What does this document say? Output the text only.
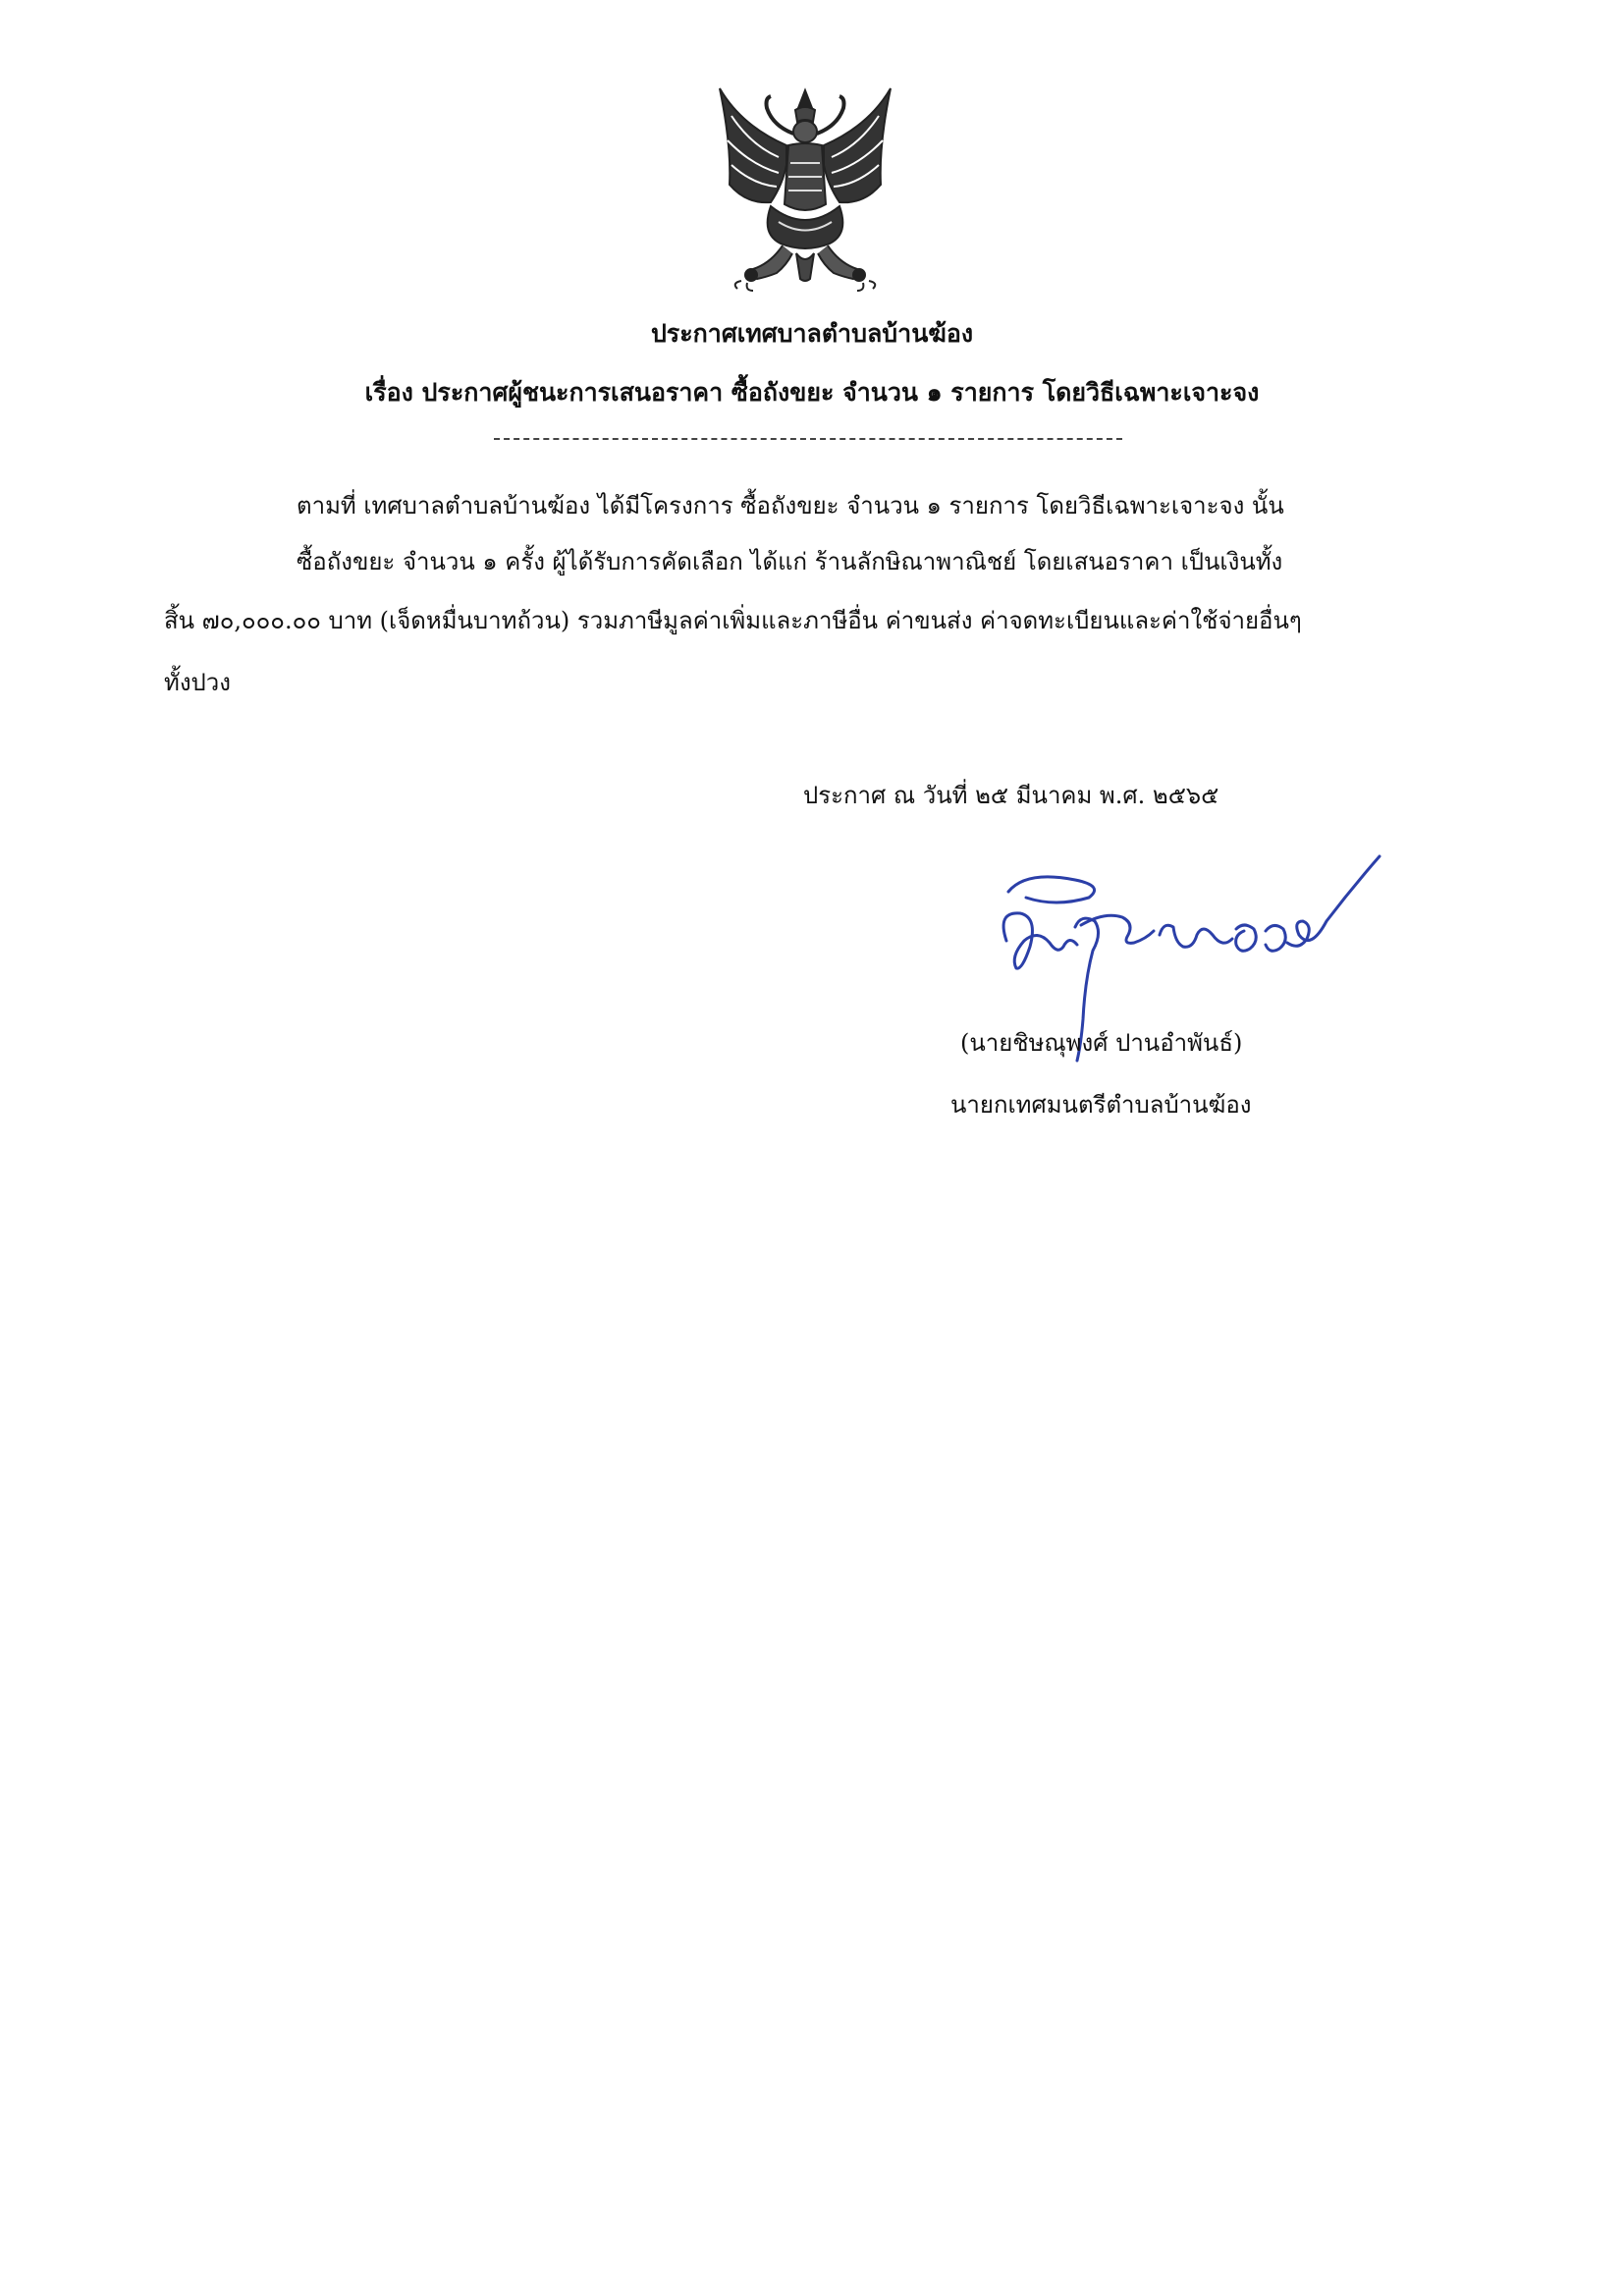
ประกาศเทศบาลตำบลบ้านฆ้อง
เรื่อง ประกาศผู้ชนะการเสนอราคา ซื้อถังขยะ จำนวน ๑ รายการ โดยวิธีเฉพาะเจาะจง
ตามที่ เทศบาลตำบลบ้านฆ้อง ได้มีโครงการ ซื้อถังขยะ จำนวน ๑ รายการ โดยวิธีเฉพาะเจาะจง นั้น
ซื้อถังขยะ จำนวน ๑ ครั้ง ผู้ได้รับการคัดเลือก ได้แก่ ร้านลักษิณาพาณิชย์ โดยเสนอราคา เป็นเงินทั้ง
สิ้น ๗๐,๐๐๐.๐๐ บาท (เจ็ดหมื่นบาทถ้วน) รวมภาษีมูลค่าเพิ่มและภาษีอื่น ค่าขนส่ง ค่าจดทะเบียนและค่าใช้จ่ายอื่นๆ
ทั้งปวง
ประกาศ ณ วันที่ ๒๕ มีนาคม พ.ศ. ๒๕๖๕
(นายชิษณุพงศ์ ปานอำพันธ์)
นายกเทศมนตรีตำบลบ้านฆ้อง
